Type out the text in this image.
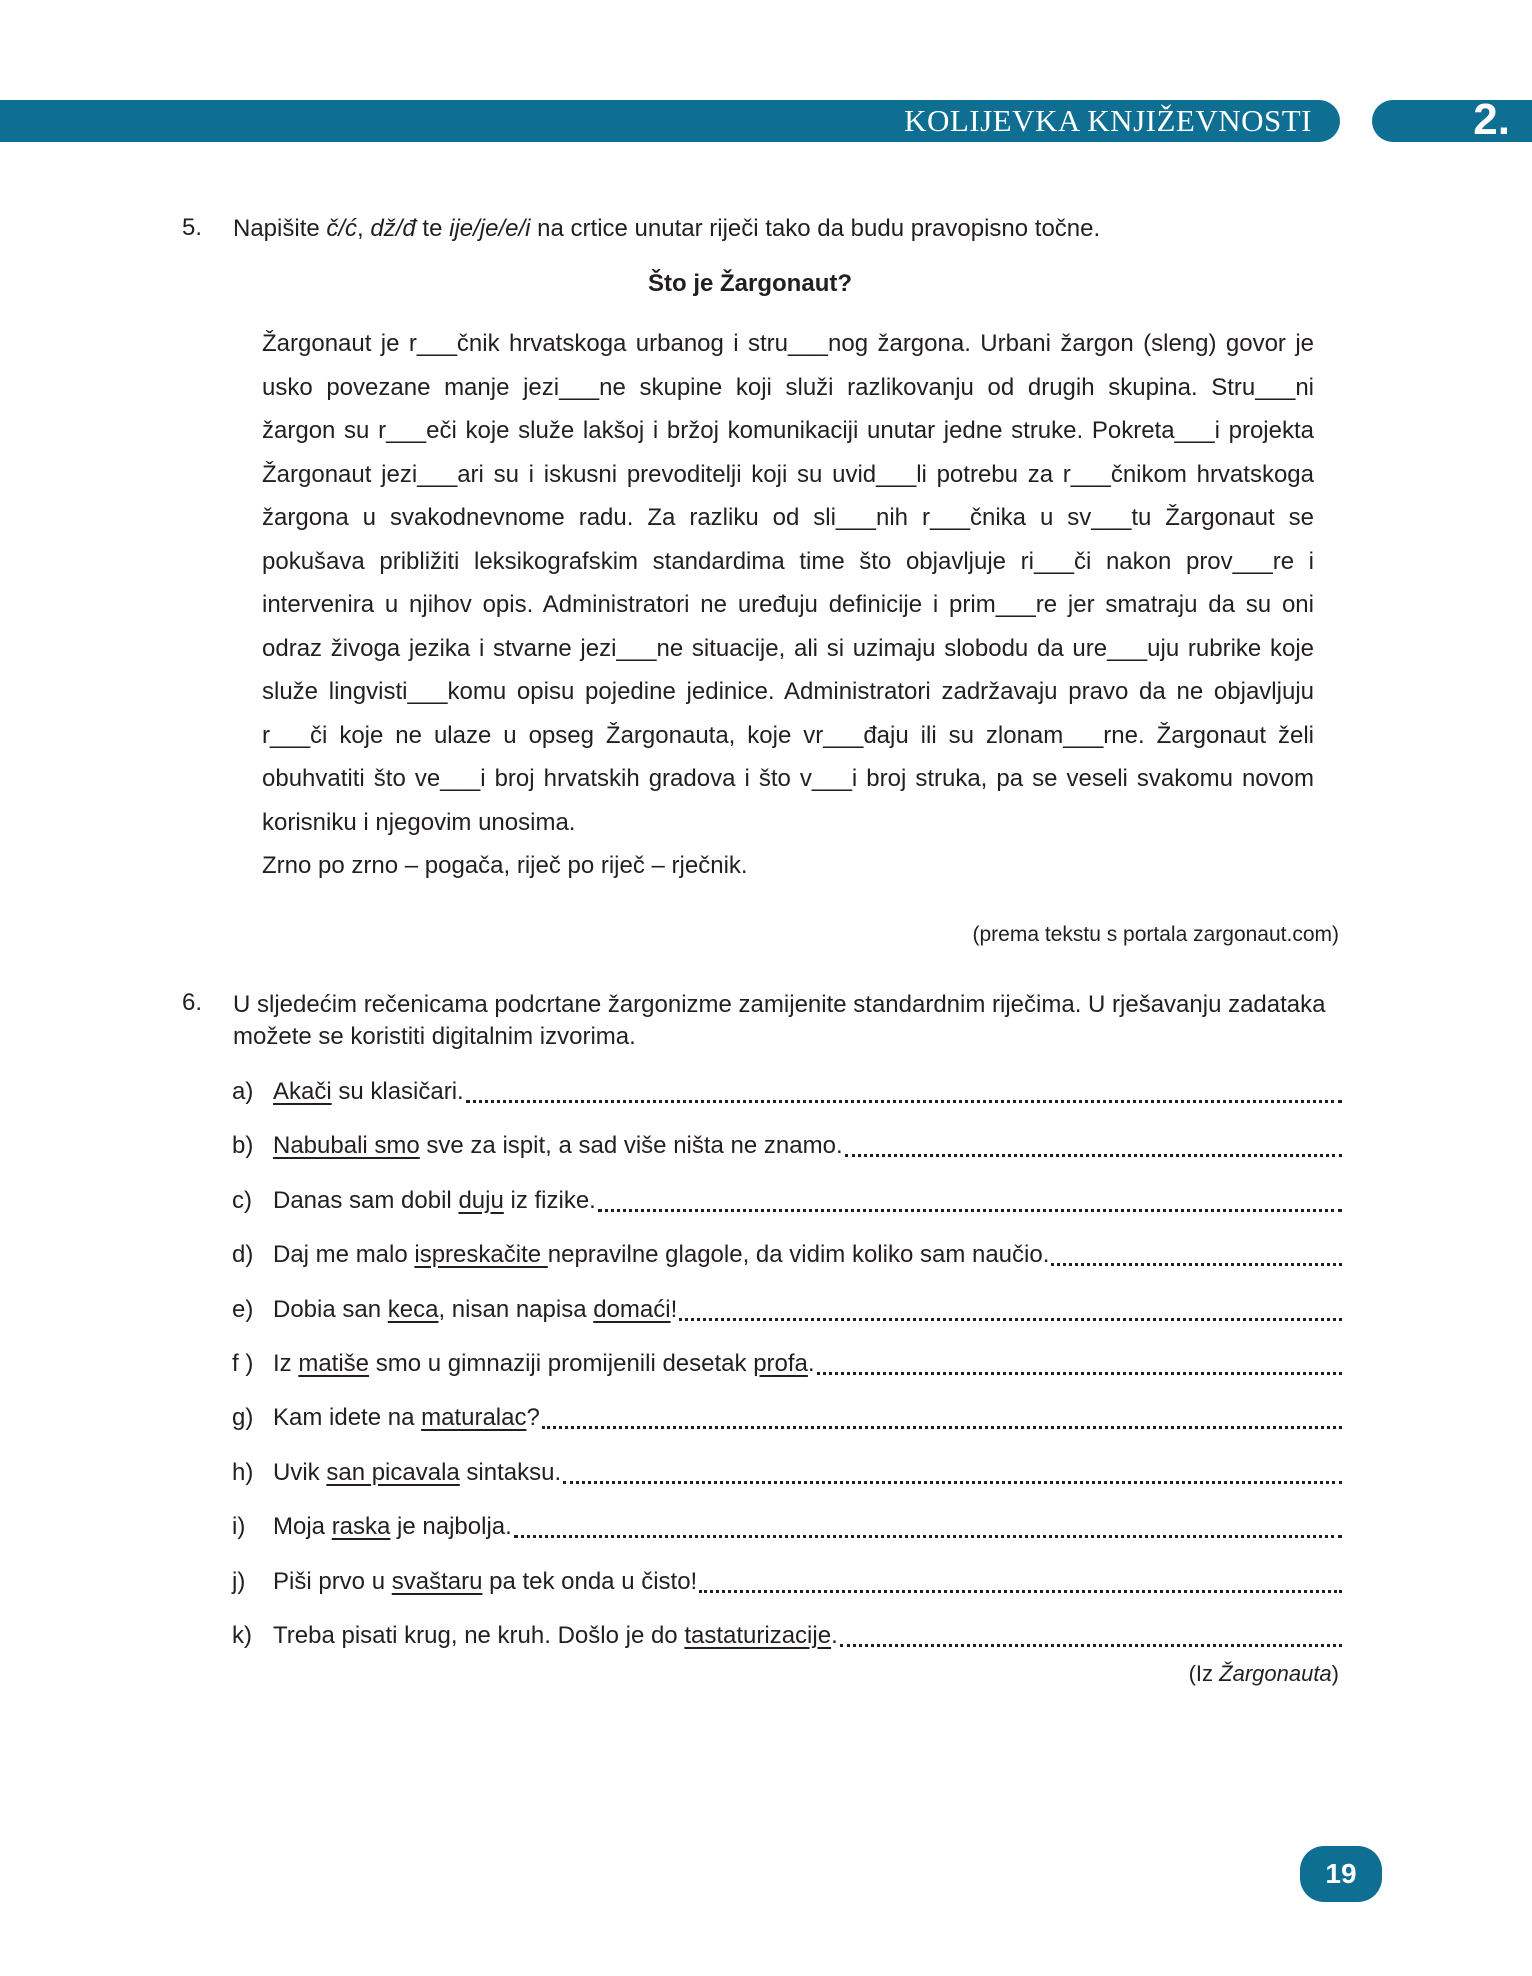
KOLIJEVKA KNJIŽEVNOSTI	2.
5. Napišite č/ć, dž/đ te ije/je/e/i na crtice unutar riječi tako da budu pravopisno točne.
Što je Žargonaut?

Žargonaut je r___čnik hrvatskoga urbanog i stru___nog žargona. Urbani žargon (sleng) govor je usko povezane manje jezi___ne skupine koji služi razlikovanju od drugih skupina. Stru___ni žargon su r___eči koje služe lakšoj i bržoj komunikaciji unutar jedne struke. Pokreta___i projekta Žargonaut jezi___ari su i iskusni prevoditelji koji su uvid___li potrebu za r___čnikom hrvatskoga žargona u svakodnevnome radu. Za razliku od sli___nih r___čnika u sv___tu Žargonaut se pokušava približiti leksikografskim standardima time što objavljuje ri___či nakon prov___re i intervenira u njihov opis. Administratori ne uređuju definicije i prim___re jer smatraju da su oni odraz živoga jezika i stvarne jezi___ne situacije, ali si uzimaju slobodu da ure___uju rubrike koje služe lingvisti___komu opisu pojedine jedinice. Administratori zadržavaju pravo da ne objavljuju r___či koje ne ulaze u opseg Žargonauta, koje vr___đaju ili su zlonam___rne. Žargonaut želi obuhvatiti što ve___i broj hrvatskih gradova i što v___i broj struka, pa se veseli svakomu novom korisniku i njegovim unosima.

Zrno po zrno – pogača, riječ po riječ – rječnik.

(prema tekstu s portala zargonaut.com)
6. U sljedećim rečenicama podcrtane žargonizme zamijenite standardnim riječima. U rješavanju zadataka možete se koristiti digitalnim izvorima.
a) Akači su klasičari.
b) Nabubali smo sve za ispit, a sad više ništa ne znamo.
c) Danas sam dobil duju iz fizike.
d) Daj me malo ispreskačite nepravilne glagole, da vidim koliko sam naučio.
e) Dobia san keca, nisan napisa domaći!
f ) Iz matiše smo u gimnaziji promijenili desetak profa.
g) Kam idete na maturalac?
h) Uvik san picavala sintaksu.
i)	Moja raska je najbolja.
j)	Piši prvo u svaštaru pa tek onda u čisto!
k) Treba pisati krug, ne kruh. Došlo je do tastaturizacije.
(Iz Žargonauta)
19
